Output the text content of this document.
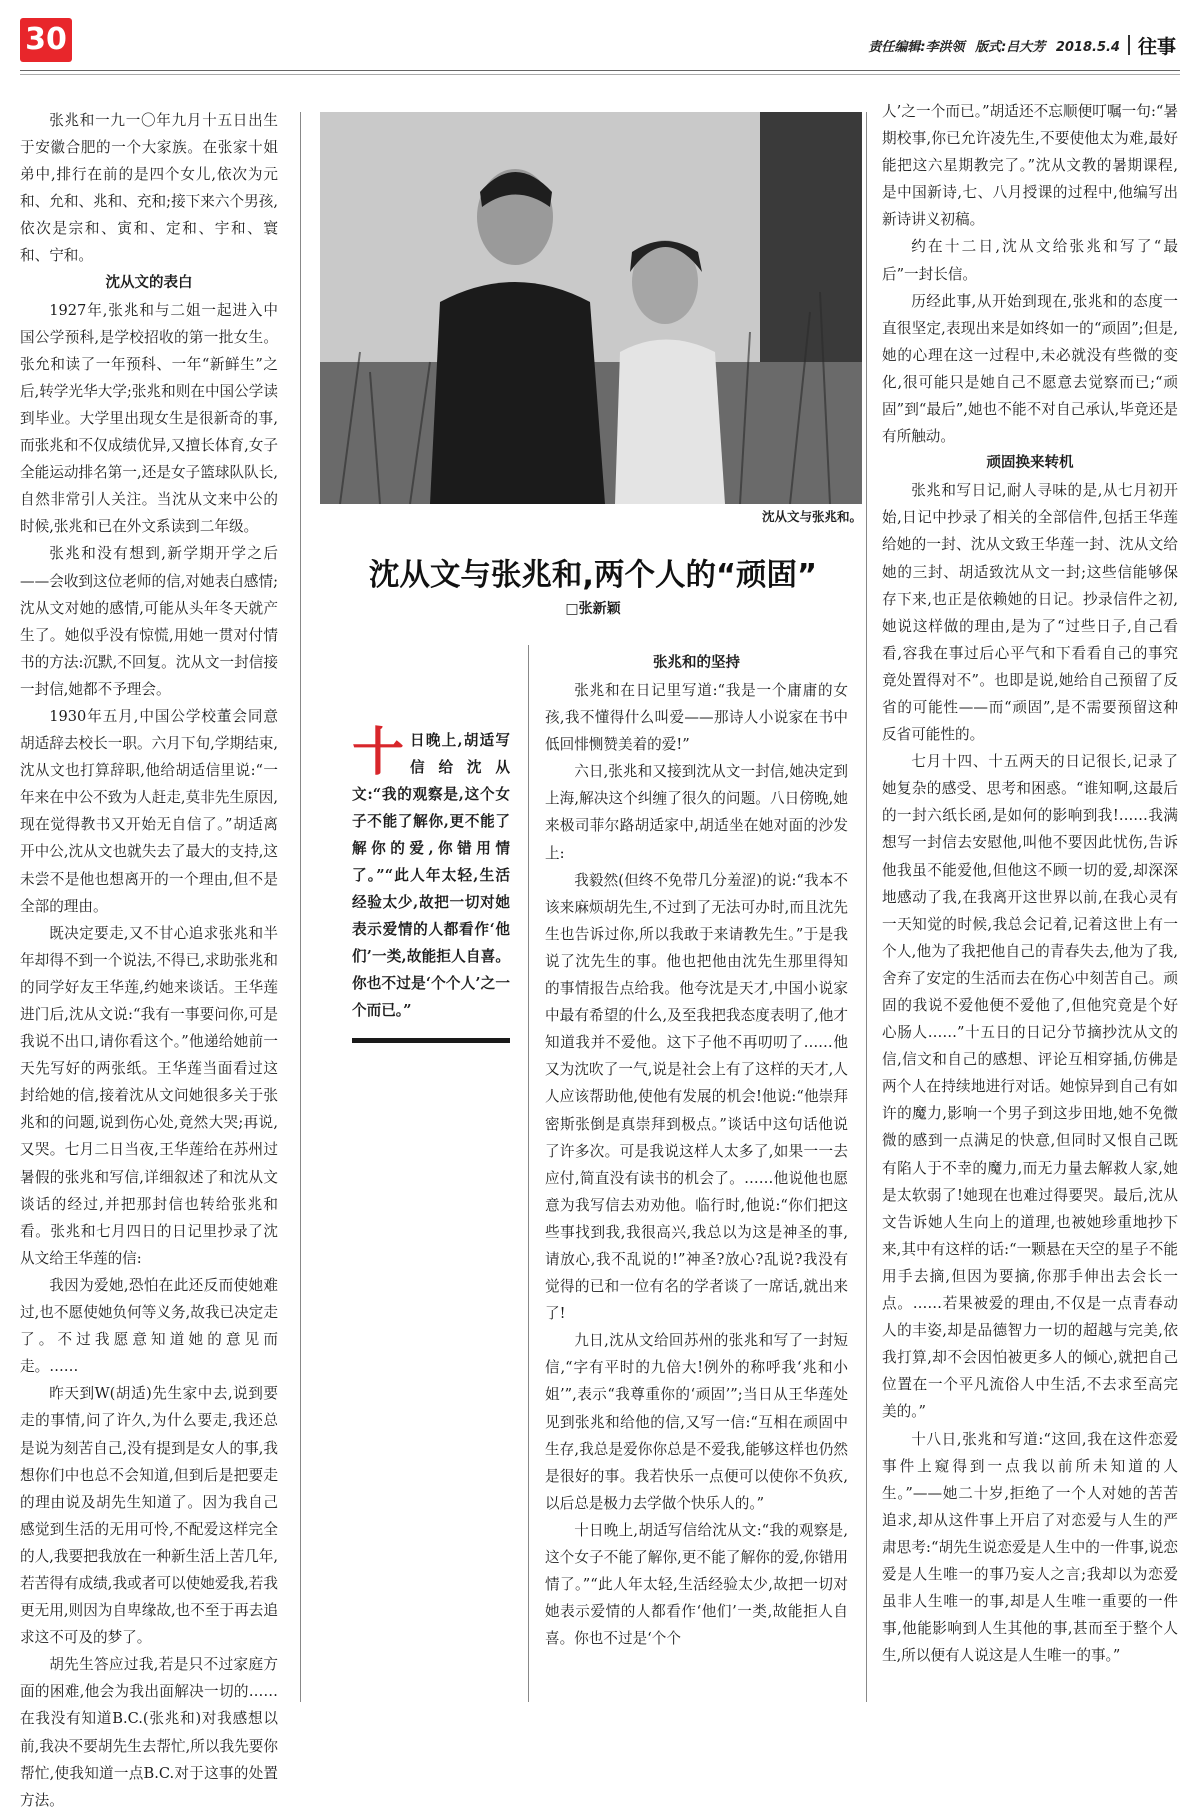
30	责任编辑:李洪领 版式:吕大芳 2018.5.4 往事

张兆和一九一〇年九月十五日出生于安徽合肥的一个大家族。在张家十姐弟中,排行在前的是四个女儿,依次为元和、允和、兆和、充和;接下来六个男孩,依次是宗和、寅和、定和、宇和、寰和、宁和。

沈从文的表白

1927年,张兆和与二姐一起进入中国公学预科,是学校招收的第一批女生。张允和读了一年预科、一年“新鲜生”之后,转学光华大学;张兆和则在中国公学读到毕业。大学里出现女生是很新奇的事,而张兆和不仅成绩优异,又擅长体育,女子全能运动排名第一,还是女子篮球队队长,自然非常引人关注。当沈从文来中公的时候,张兆和已在外文系读到二年级。

张兆和没有想到,新学期开学之后——会收到这位老师的信,对她表白感情;沈从文对她的感情,可能从头年冬天就产生了。她似乎没有惊慌,用她一贯对付情书的方法:沉默,不回复。沈从文一封信接一封信,她都不予理会。

1930年五月,中国公学校董会同意胡适辞去校长一职。六月下旬,学期结束,沈从文也打算辞职,他给胡适信里说:“一年来在中公不致为人赶走,莫非先生原因,现在觉得教书又开始无自信了。”胡适离开中公,沈从文也就失去了最大的支持,这未尝不是他也想离开的一个理由,但不是全部的理由。

既决定要走,又不甘心追求张兆和半年却得不到一个说法,不得已,求助张兆和的同学好友王华莲,约她来谈话。王华莲进门后,沈从文说:“我有一事要问你,可是我说不出口,请你看这个。”他递给她前一天先写好的两张纸。王华莲当面看过这封给她的信,接着沈从文问她很多关于张兆和的问题,说到伤心处,竟然大哭;再说,又哭。七月二日当夜,王华莲给在苏州过暑假的张兆和写信,详细叙述了和沈从文谈话的经过,并把那封信也转给张兆和看。张兆和七月四日的日记里抄录了沈从文给王华莲的信:

我因为爱她,恐怕在此还反而使她难过,也不愿使她负何等义务,故我已决定走了。不过我愿意知道她的意见而走。……

昨天到W(胡适)先生家中去,说到要走的事情,问了许久,为什么要走,我还总是说为刻苦自己,没有提到是女人的事,我想你们中也总不会知道,但到后是把要走的理由说及胡先生知道了。因为我自己感觉到生活的无用可怜,不配爱这样完全的人,我要把我放在一种新生活上苦几年,若苦得有成绩,我或者可以使她爱我,若我更无用,则因为自卑缘故,也不至于再去追求这不可及的梦了。

胡先生答应过我,若是只不过家庭方面的困难,他会为我出面解决一切的……在我没有知道B.C.(张兆和)对我感想以前,我决不要胡先生去帮忙,所以我先要你帮忙,使我知道一点B.C.对于这事的处置方法。

沈从文与张兆和。
沈从文与张兆和,两个人的“顽固”
□张新颖
十 日晚上,胡适写信给沈从文:“我的观察是,这个女子不能了解你,更不能了解你的爱,你错用情了。”“此人年太轻,生活经验太少,故把一切对她表示爱情的人都看作‘他们’一类,故能拒人自喜。你也不过是‘个个人’之一个而已。”
张兆和的坚持

张兆和在日记里写道:“我是一个庸庸的女孩,我不懂得什么叫爱——那诗人小说家在书中低回悱恻赞美着的爱!”

六日,张兆和又接到沈从文一封信,她决定到上海,解决这个纠缠了很久的问题。八日傍晚,她来极司菲尔路胡适家中,胡适坐在她对面的沙发上:

我毅然(但终不免带几分羞涩)的说:“我本不该来麻烦胡先生,不过到了无法可办时,而且沈先生也告诉过你,所以我敢于来请教先生。”于是我说了沈先生的事。他也把他由沈先生那里得知的事情报告点给我。他夸沈是天才,中国小说家中最有希望的什么,及至我把我态度表明了,他才知道我并不爱他。这下子他不再叨叨了……他又为沈吹了一气,说是社会上有了这样的天才,人人应该帮助他,使他有发展的机会!他说:“他崇拜密斯张倒是真崇拜到极点。”谈话中这句话他说了许多次。可是我说这样人太多了,如果一一去应付,简直没有读书的机会了。……他说他也愿意为我写信去劝劝他。临行时,他说:“你们把这些事找到我,我很高兴,我总以为这是神圣的事,请放心,我不乱说的!”神圣?放心?乱说?我没有觉得的已和一位有名的学者谈了一席话,就出来了!

九日,沈从文给回苏州的张兆和写了一封短信,“字有平时的九倍大!例外的称呼我‘兆和小姐’”,表示“我尊重你的‘顽固’”;当日从王华莲处见到张兆和给他的信,又写一信:“互相在顽固中生存,我总是爱你你总是不爱我,能够这样也仍然是很好的事。我若快乐一点便可以使你不负疚,以后总是极力去学做个快乐人的。”

十日晚上,胡适写信给沈从文:“我的观察是,这个女子不能了解你,更不能了解你的爱,你错用情了。”“此人年太轻,生活经验太少,故把一切对她表示爱情的人都看作‘他们’一类,故能拒人自喜。你也不过是‘个个

人’之一个而已。”胡适还不忘顺便叮嘱一句:“暑期校事,你已允许凌先生,不要使他太为难,最好能把这六星期教完了。”沈从文教的暑期课程,是中国新诗,七、八月授课的过程中,他编写出新诗讲义初稿。

约在十二日,沈从文给张兆和写了“最后”一封长信。

历经此事,从开始到现在,张兆和的态度一直很坚定,表现出来是如终如一的“顽固”;但是,她的心理在这一过程中,未必就没有些微的变化,很可能只是她自己不愿意去觉察而已;“顽固”到“最后”,她也不能不对自己承认,毕竟还是有所触动。

顽固换来转机

张兆和写日记,耐人寻味的是,从七月初开始,日记中抄录了相关的全部信件,包括王华莲给她的一封、沈从文致王华莲一封、沈从文给她的三封、胡适致沈从文一封;这些信能够保存下来,也正是依赖她的日记。抄录信件之初,她说这样做的理由,是为了“过些日子,自己看看,容我在事过后心平气和下看看自己的事究竟处置得对不”。也即是说,她给自己预留了反省的可能性——而“顽固”,是不需要预留这种反省可能性的。

七月十四、十五两天的日记很长,记录了她复杂的感受、思考和困惑。“谁知啊,这最后的一封六纸长函,是如何的影响到我!……我满想写一封信去安慰他,叫他不要因此忧伤,告诉他我虽不能爱他,但他这不顾一切的爱,却深深地感动了我,在我离开这世界以前,在我心灵有一天知觉的时候,我总会记着,记着这世上有一个人,他为了我把他自己的青春失去,他为了我,舍弃了安定的生活而去在伤心中刻苦自己。顽固的我说不爱他便不爱他了,但他究竟是个好心肠人……”十五日的日记分节摘抄沈从文的信,信文和自己的感想、评论互相穿插,仿佛是两个人在持续地进行对话。她惊异到自己有如许的魔力,影响一个男子到这步田地,她不免微微的感到一点满足的快意,但同时又恨自己既有陷人于不幸的魔力,而无力量去解救人家,她是太软弱了!她现在也难过得要哭。最后,沈从文告诉她人生向上的道理,也被她珍重地抄下来,其中有这样的话:“一颗悬在天空的星子不能用手去摘,但因为要摘,你那手伸出去会长一点。……若果被爱的理由,不仅是一点青春动人的丰姿,却是品德智力一切的超越与完美,依我打算,却不会因怕被更多人的倾心,就把自己位置在一个平凡流俗人中生活,不去求至高完美的。”

十八日,张兆和写道:“这回,我在这件恋爱事件上窥得到一点我以前所未知道的人生。”——她二十岁,拒绝了一个人对她的苦苦追求,却从这件事上开启了对恋爱与人生的严肃思考:“胡先生说恋爱是人生中的一件事,说恋爱是人生唯一的事乃妄人之言;我却以为恋爱虽非人生唯一的事,却是人生唯一重要的一件事,他能影响到人生其他的事,甚而至于整个人生,所以便有人说这是人生唯一的事。”
